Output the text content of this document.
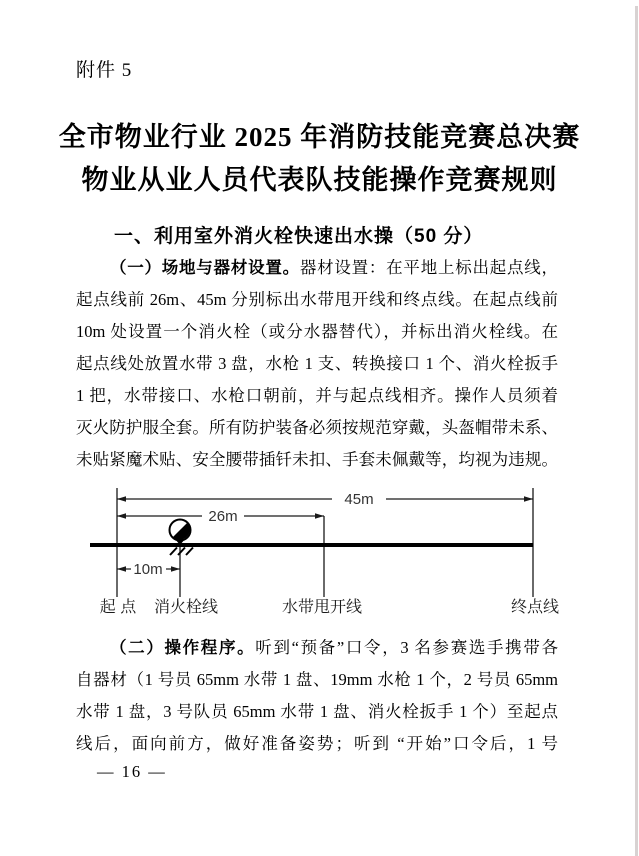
附件 5
全市物业行业 2025 年消防技能竞赛总决赛
物业从业人员代表队技能操作竞赛规则
一、利用室外消火栓快速出水操（50 分）
（一）场地与器材设置。器材设置：在平地上标出起点线，
起点线前 26m、45m 分别标出水带甩开线和终点线。在起点线前
10m 处设置一个消火栓（或分水器替代），并标出消火栓线。在
起点线处放置水带 3 盘，水枪 1 支、转换接口 1 个、消火栓扳手
1 把，水带接口、水枪口朝前，并与起点线相齐。操作人员须着
灭火防护服全套。所有防护装备必须按规范穿戴，头盔帽带未系、
未贴紧魔术贴、安全腰带插钎未扣、手套未佩戴等，均视为违规。
45m
26m
10m
起 点 消火栓线	水带甩开线	终点线
（二）操作程序。听到“预备”口令，3 名参赛选手携带各
自器材（1 号员 65mm 水带 1 盘、19mm 水枪 1 个，2 号员 65mm
水带 1 盘，3 号队员 65mm 水带 1 盘、消火栓扳手 1 个）至起点
线后，面向前方，做好准备姿势；听到 “开始”口令后，1 号
— 16 —
